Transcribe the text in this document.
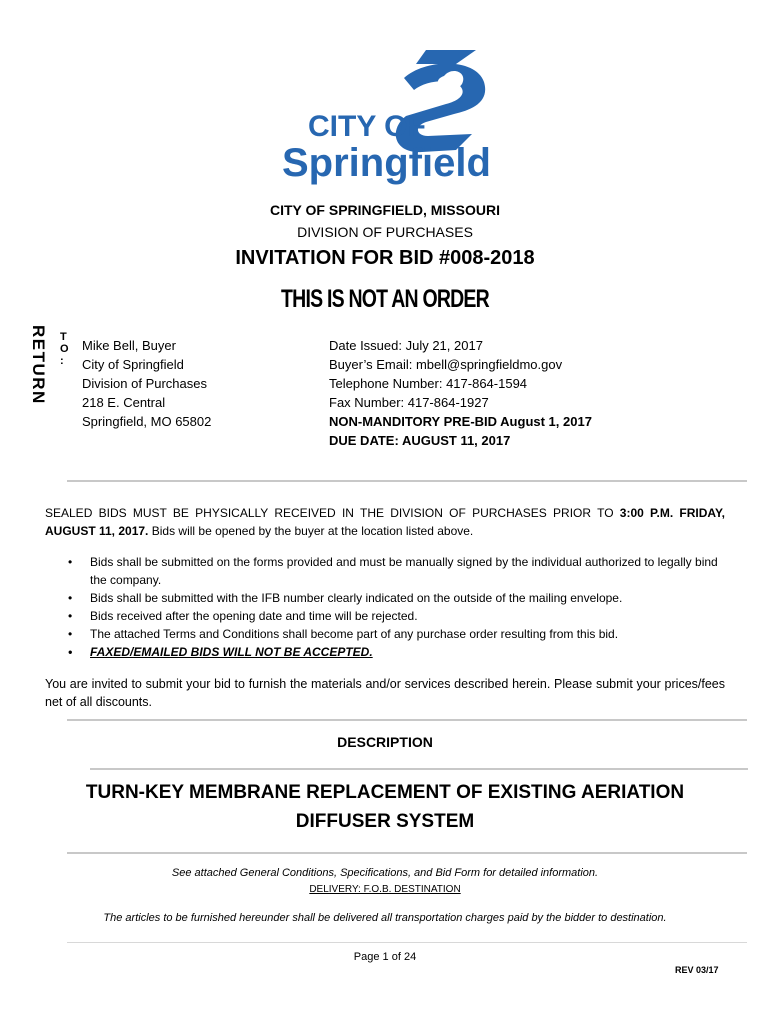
CITY OF
Springfield
CITY OF SPRINGFIELD, MISSOURI
DIVISION OF PURCHASES
INVITATION FOR BID #008-2018
THIS IS NOT AN ORDER
RETURN T
O
:
Mike Bell, Buyer
City of Springfield
Division of Purchases
218 E. Central
Springfield, MO 65802
Date Issued: July 21, 2017
Buyer’s Email: mbell@springfieldmo.gov
Telephone Number: 417-864-1594
Fax Number: 417-864-1927
NON-MANDITORY PRE-BID August 1, 2017
DUE DATE: AUGUST 11, 2017
SEALED BIDS MUST BE PHYSICALLY RECEIVED IN THE DIVISION OF PURCHASES PRIOR TO 3:00 P.M. FRIDAY, AUGUST 11, 2017. Bids will be opened by the buyer at the location listed above.
• Bids shall be submitted on the forms provided and must be manually signed by the individual authorized to legally bind the company.
• Bids shall be submitted with the IFB number clearly indicated on the outside of the mailing envelope.
• Bids received after the opening date and time will be rejected.
• The attached Terms and Conditions shall become part of any purchase order resulting from this bid.
• FAXED/EMAILED BIDS WILL NOT BE ACCEPTED.
You are invited to submit your bid to furnish the materials and/or services described herein. Please submit your prices/fees net of all discounts.
DESCRIPTION
TURN-KEY MEMBRANE REPLACEMENT OF EXISTING AERIATION
DIFFUSER SYSTEM
See attached General Conditions, Specifications, and Bid Form for detailed information.
DELIVERY: F.O.B. DESTINATION
The articles to be furnished hereunder shall be delivered all transportation charges paid by the bidder to destination.
Page 1 of 24
REV 03/17
